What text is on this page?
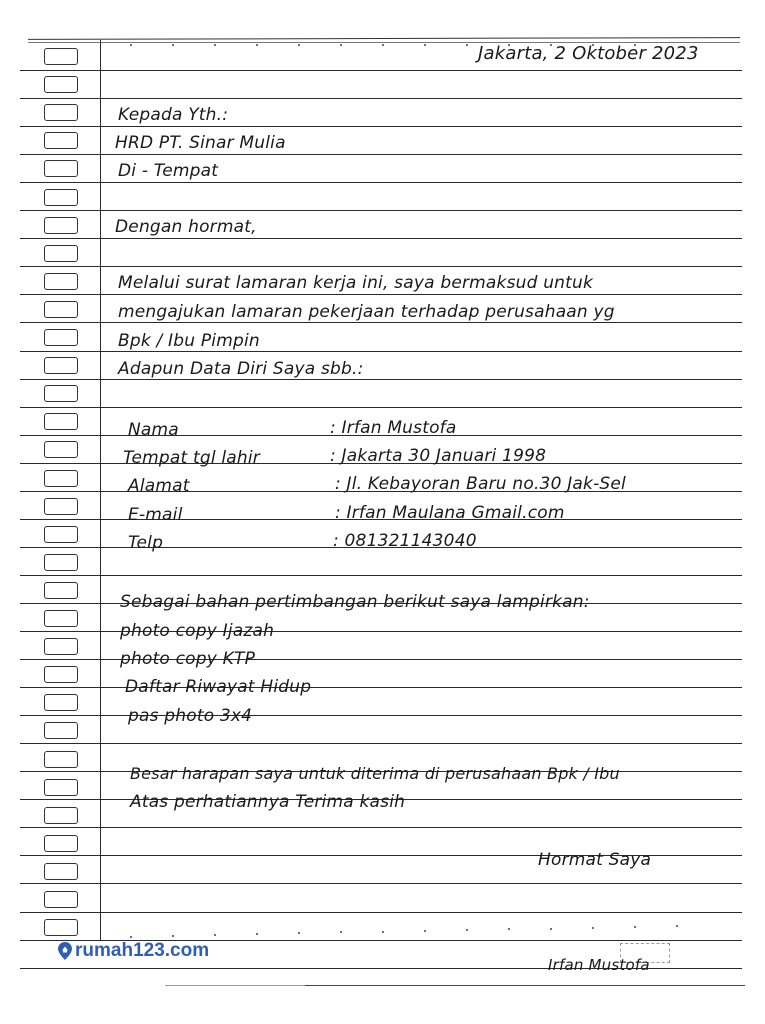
Jakarta, 2 Oktober 2023
Kepada Yth.:
HRD PT. Sinar Mulia
Di - Tempat
Dengan hormat,
Melalui surat lamaran kerja ini, saya bermaksud untuk
mengajukan lamaran pekerjaan terhadap perusahaan yg
Bpk / Ibu Pimpin
Adapun Data Diri Saya sbb.:
Nama	: Irfan Mustofa
Tempat tgl lahir	: Jakarta 30 Januari 1998
Alamat	: Jl. Kebayoran Baru no.30 Jak-Sel
E-mail	: Irfan Maulana Gmail.com
Telp	: 081321143040
Sebagai bahan pertimbangan berikut saya lampirkan:
photo copy Ijazah
photo copy KTP
Daftar Riwayat Hidup
pas photo 3x4
Besar harapan saya untuk diterima di perusahaan Bpk / Ibu
Atas perhatiannya Terima kasih
Hormat Saya
Irfan Mustofa
rumah123.com
